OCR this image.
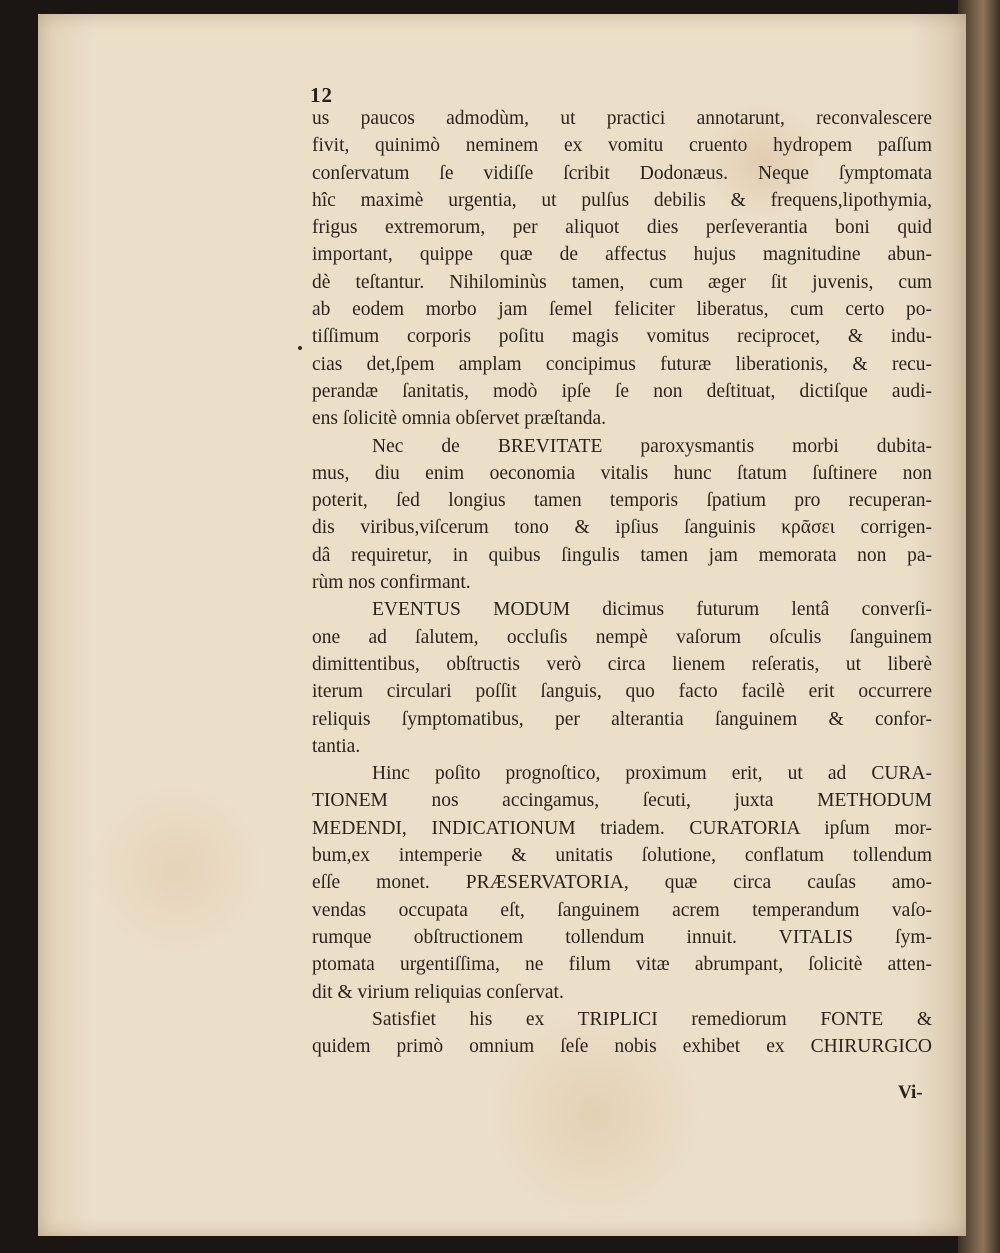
12
us paucos admodùm, ut practici annotarunt, reconvalescere
fivit, quinimò neminem ex vomitu cruento hydropem paſſum
conſervatum ſe vidiſſe ſcribit Dodonæus. Neque ſymptomata
hîc maximè urgentia, ut pulſus debilis & frequens,lipothymia,
frigus extremorum, per aliquot dies perſeverantia boni quid
important, quippe quæ de affectus hujus magnitudine abun-
dè teſtantur. Nihilominùs tamen, cum æger ſit juvenis, cum
ab eodem morbo jam ſemel feliciter liberatus, cum certo po-
tiſſimum corporis poſitu magis vomitus reciprocet, & indu-
cias det,ſpem amplam concipimus futuræ liberationis, & recu-
perandæ ſanitatis, modò ipſe ſe non deſtituat, dictiſque audi-
ens ſolicitè omnia obſervet præſtanda.
Nec de BREVITATE paroxysmantis morbi dubita-
mus, diu enim oeconomia vitalis hunc ſtatum ſuſtinere non
poterit, ſed longius tamen temporis ſpatium pro recuperan-
dis viribus,viſcerum tono & ipſius ſanguinis κρᾶσει corrigen-
dâ requiretur, in quibus ſingulis tamen jam memorata non pa-
rùm nos confirmant.
EVENTUS MODUM dicimus futurum lentâ converſi-
one ad ſalutem, occluſis nempè vaſorum oſculis ſanguinem
dimittentibus, obſtructis verò circa lienem reſeratis, ut liberè
iterum circulari poſſit ſanguis, quo facto facilè erit occurrere
reliquis ſymptomatibus, per alterantia ſanguinem & confor-
tantia.
Hinc poſito prognoſtico, proximum erit, ut ad CURA-
TIONEM nos accingamus, ſecuti, juxta METHODUM
MEDENDI, INDICATIONUM triadem. CURATORIA ipſum mor-
bum,ex intemperie & unitatis ſolutione, conflatum tollendum
eſſe monet. PRÆSERVATORIA, quæ circa cauſas amo-
vendas occupata eſt, ſanguinem acrem temperandum vaſo-
rumque obſtructionem tollendum innuit. VITALIS ſym-
ptomata urgentiſſima, ne filum vitæ abrumpant, ſolicitè atten-
dit & virium reliquias conſervat.
Satisfiet his ex TRIPLICI remediorum FONTE &
quidem primò omnium ſeſe nobis exhibet ex CHIRURGICO
Vi-
